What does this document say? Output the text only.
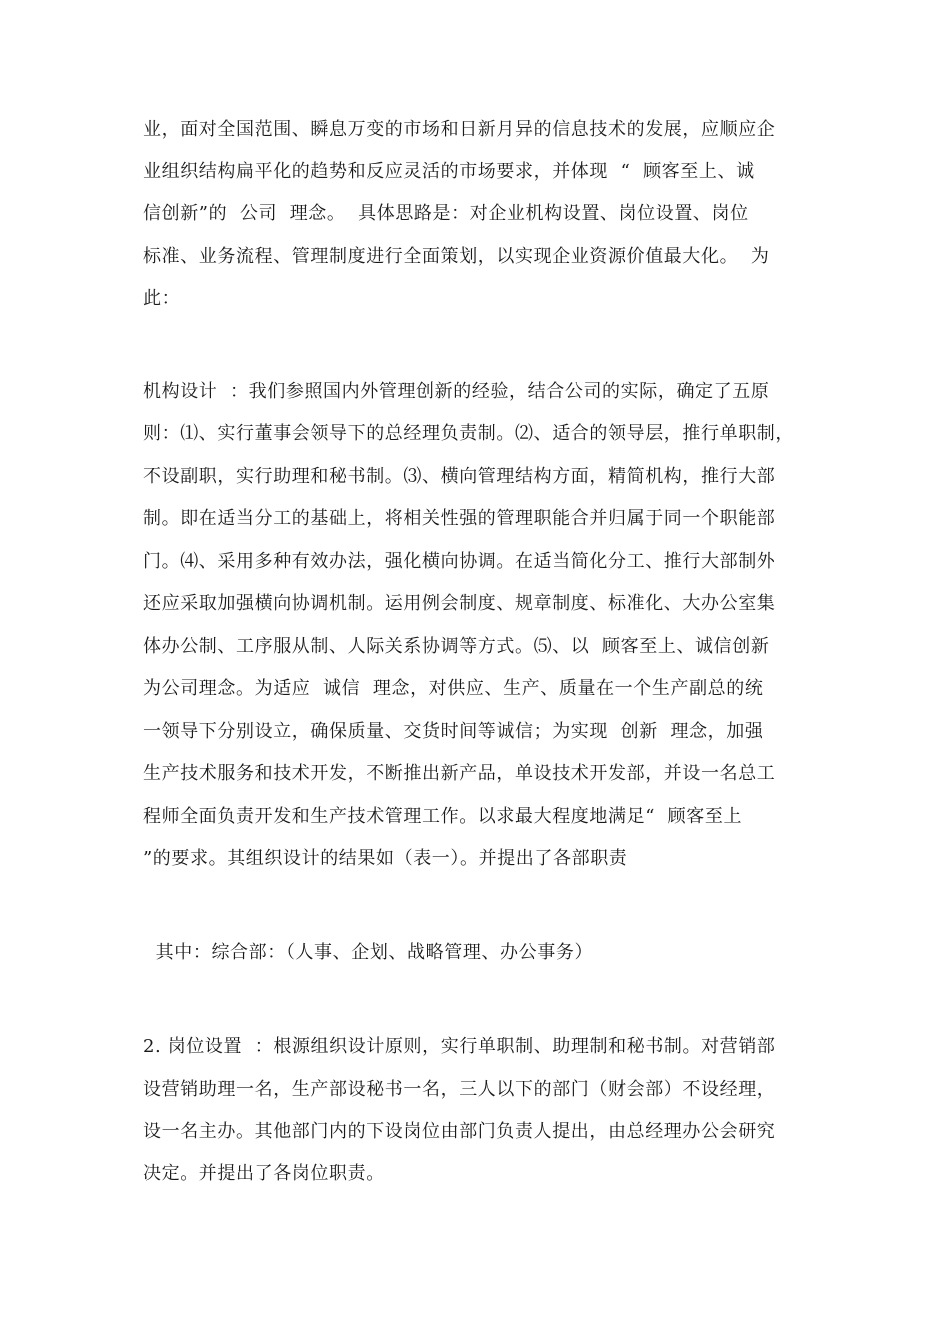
业，面对全国范围、瞬息万变的市场和日新月异的信息技术的发展，应顺应企
业组织结构扁平化的趋势和反应灵活的市场要求，并体现  “  顾客至上、诚
信创新”的  公司  理念。  具体思路是：对企业机构设置、岗位设置、岗位
标准、业务流程、管理制度进行全面策划，以实现企业资源价值最大化。  为
此：
机构设计  ：我们参照国内外管理创新的经验，结合公司的实际，确定了五原
则：⑴、实行董事会领导下的总经理负责制。⑵、适合的领导层，推行单职制，
不设副职，实行助理和秘书制。⑶、横向管理结构方面，精简机构，推行大部
制。即在适当分工的基础上，将相关性强的管理职能合并归属于同一个职能部
门。⑷、采用多种有效办法，强化横向协调。在适当简化分工、推行大部制外
还应采取加强横向协调机制。运用例会制度、规章制度、标准化、大办公室集
体办公制、工序服从制、人际关系协调等方式。⑸、以  顾客至上、诚信创新
为公司理念。为适应  诚信  理念，对供应、生产、质量在一个生产副总的统
一领导下分别设立，确保质量、交货时间等诚信；为实现  创新  理念，加强
生产技术服务和技术开发，不断推出新产品，单设技术开发部，并设一名总工
程师全面负责开发和生产技术管理工作。以求最大程度地满足“  顾客至上
”的要求。其组织设计的结果如（表一）。并提出了各部职责
其中：综合部：（人事、企划、战略管理、办公事务）
2. 岗位设置  ：根源组织设计原则，实行单职制、助理制和秘书制。对营销部
设营销助理一名，生产部设秘书一名，三人以下的部门（财会部）不设经理，
设一名主办。其他部门内的下设岗位由部门负责人提出，由总经理办公会研究
决定。并提出了各岗位职责。
